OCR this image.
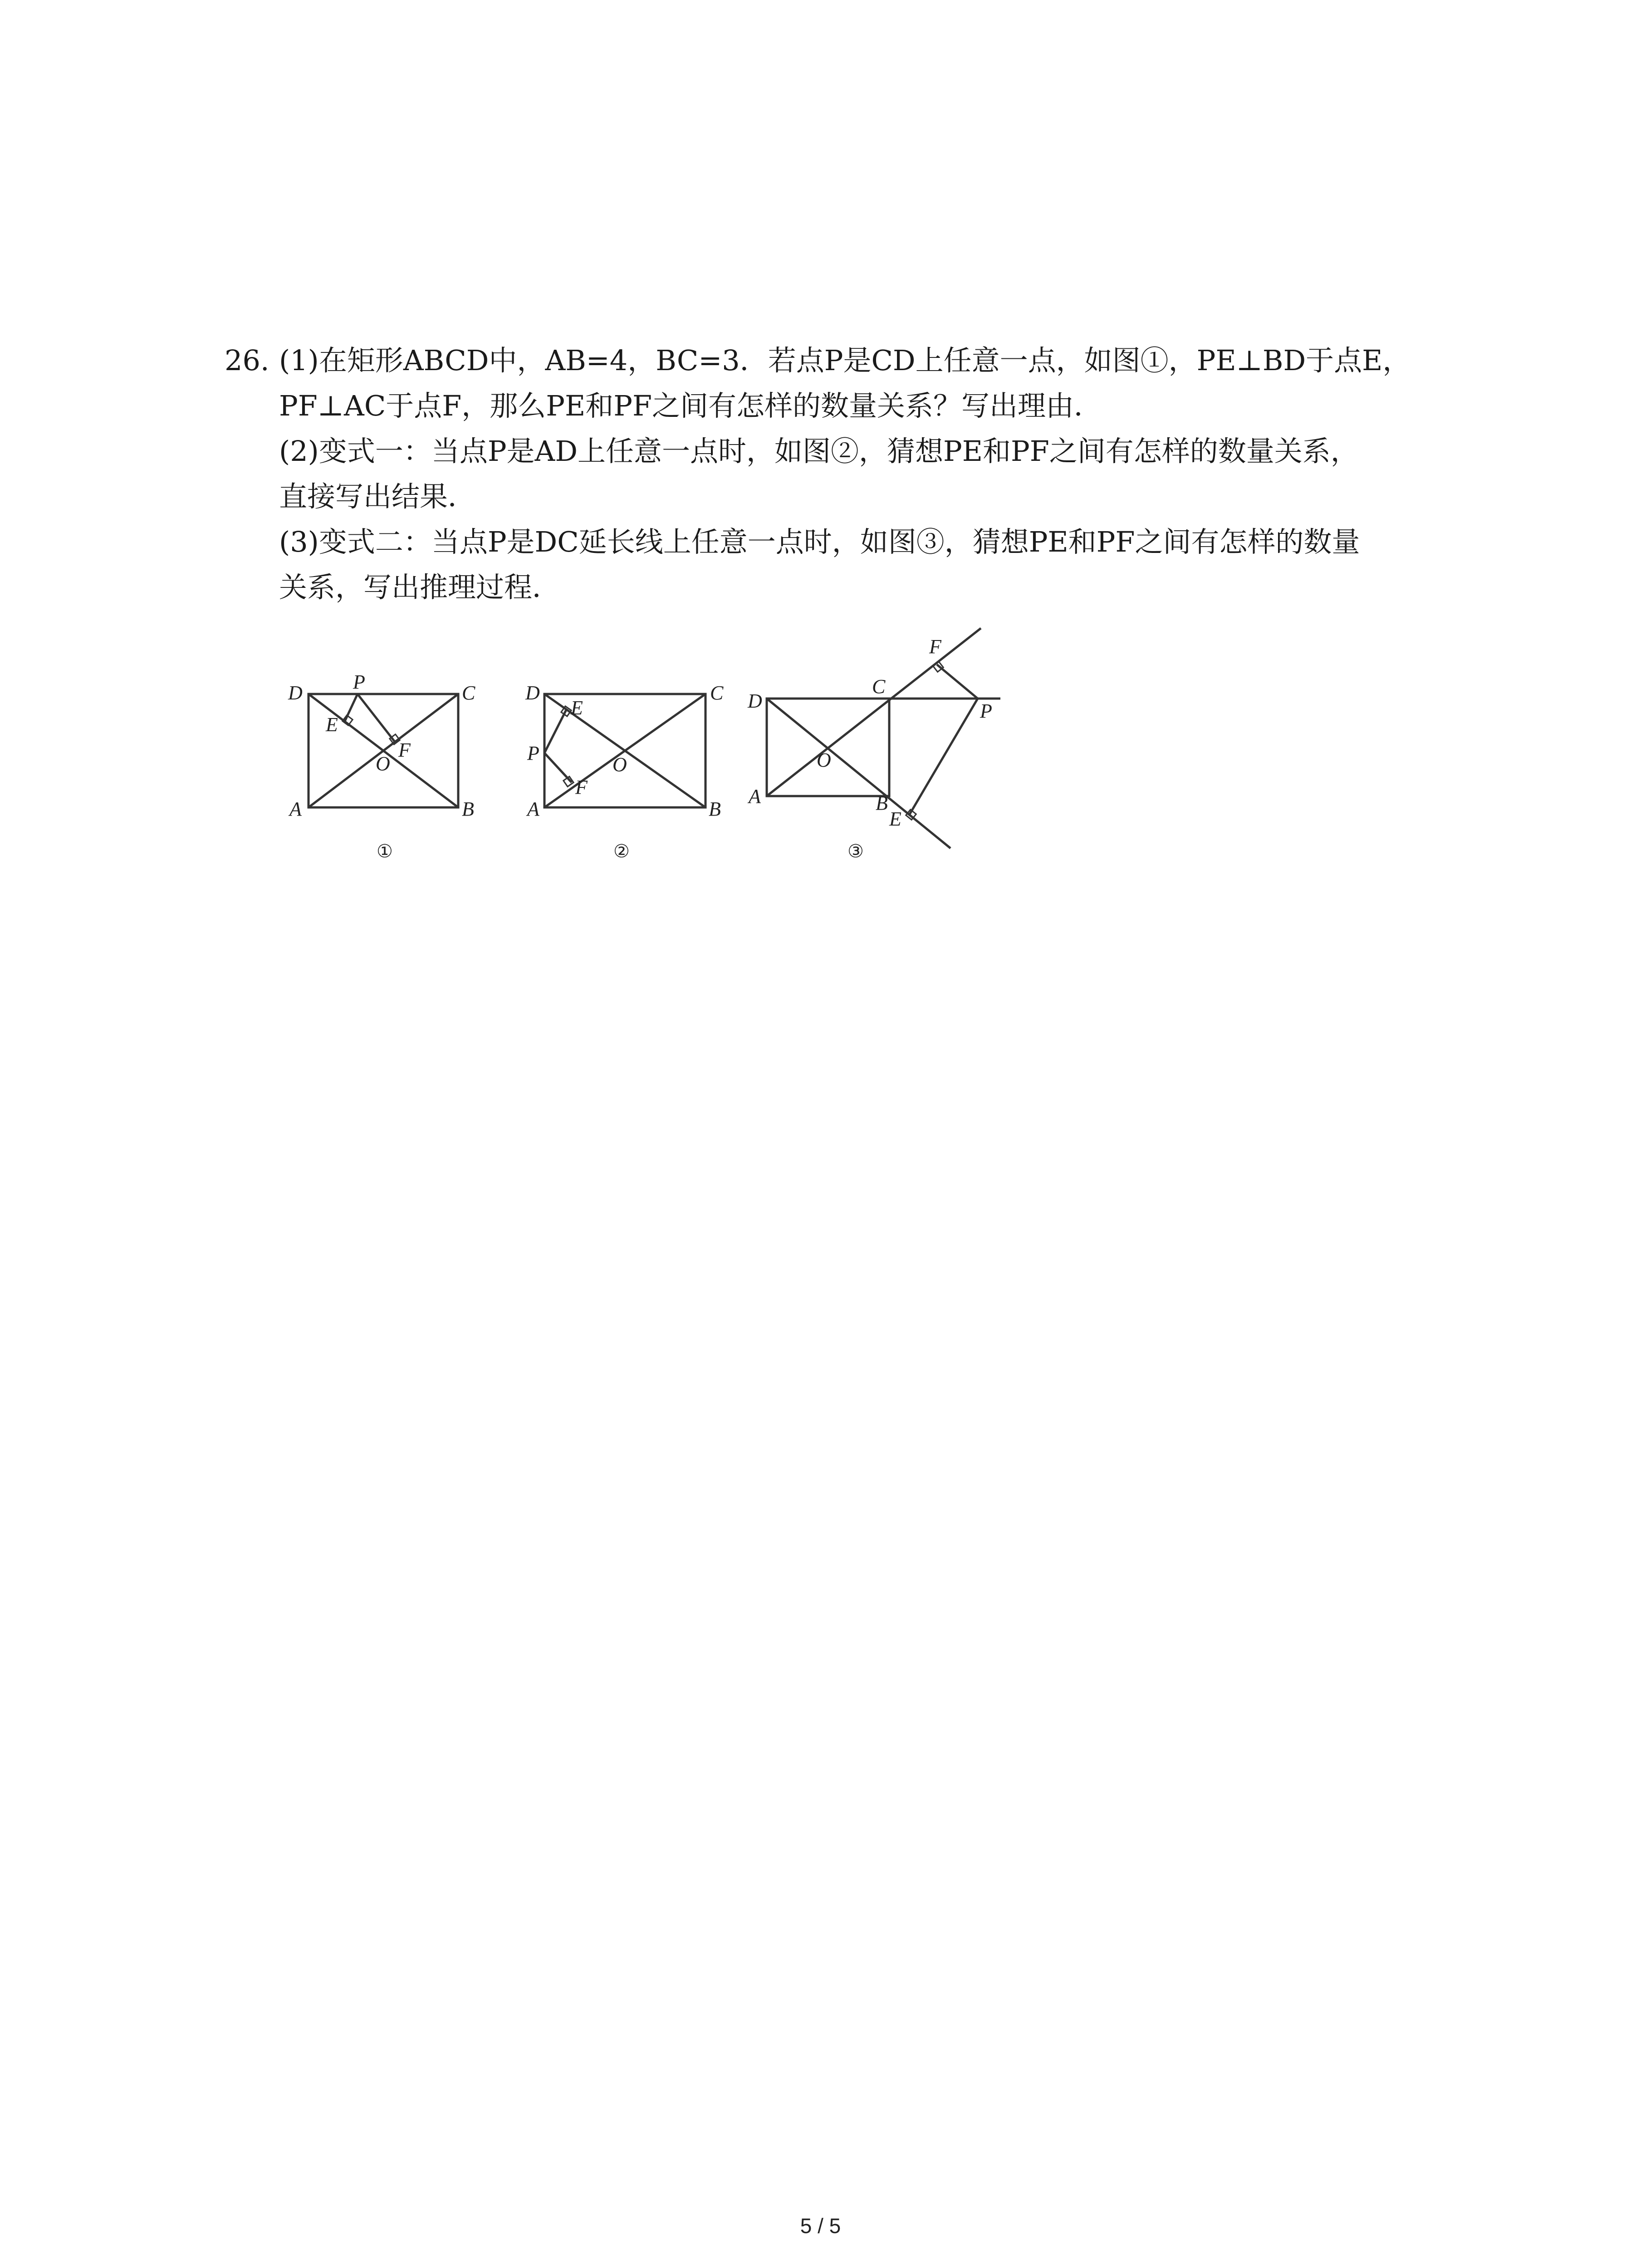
26. (1)在矩形ABCD中，AB=4，BC=3．若点P是CD上任意一点，如图①，PE⊥BD于点E，
PF⊥AC于点F，那么PE和PF之间有怎样的数量关系？写出理由．
(2)变式一：当点P是AD上任意一点时，如图②，猜想PE和PF之间有怎样的数量关系，
直接写出结果．
(3)变式二：当点P是DC延长线上任意一点时，如图③，猜想PE和PF之间有怎样的数量
关系，写出推理过程．
D	P	C
E
F
O
A	B
①
D
E
C
P
O
F
A	B
②
F
D
C
P
O
A	B
E
③
5 / 5
